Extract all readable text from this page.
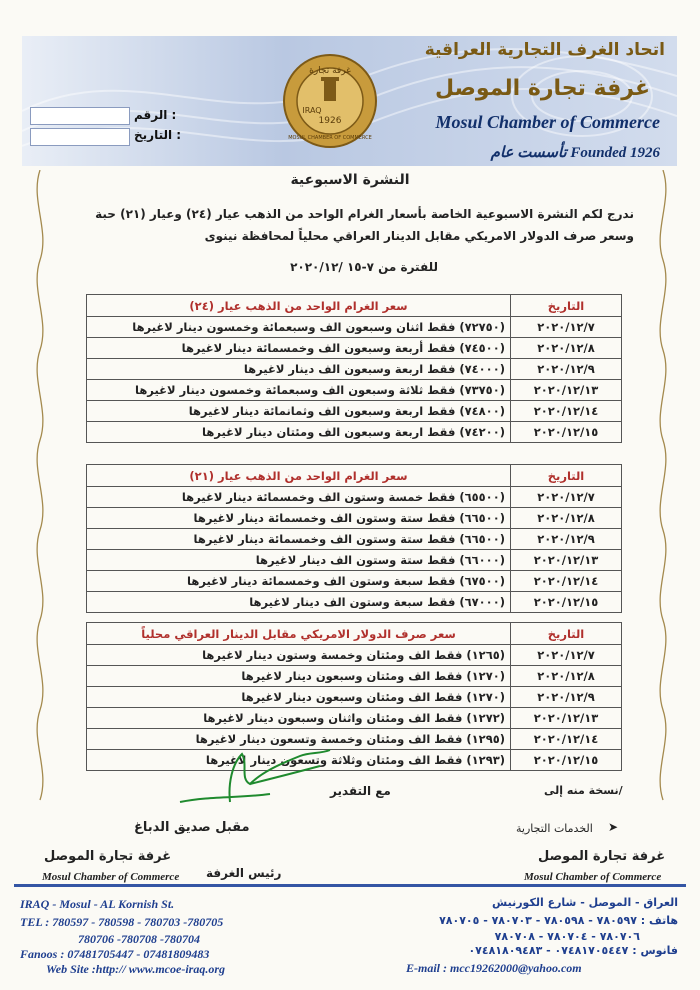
اتحاد الغرف التجارية العراقية
غرفة تجارة الموصل
Mosul Chamber of Commerce
تأسست عام Founded 1926
غرفة تجارة
IRAQ
1926
MOSUL CHAMBER OF COMMERCE
الرقم :
التاريخ :
النشرة الاسبوعية
ندرج لكم النشرة الاسبوعية الخاصة بأسعار الغرام الواحد من الذهب عيار (٢٤) وعيار (٢١) حبة
وسعر صرف الدولار الامريكي مقابل الدينار العراقي محلياً لمحافظة نينوى
للفترة من ٧-١٥ /٢٠٢٠/١٢
التاريخ	سعر الغرام الواحد من الذهب عيار (٢٤)
٢٠٢٠/١٢/٧	(٧٢٧٥٠) فقط اثنان وسبعون الف وسبعمائة وخمسون دينار لاغيرها
٢٠٢٠/١٢/٨	(٧٤٥٠٠) فقط أربعة وسبعون الف وخمسمائة دينار لاغيرها
٢٠٢٠/١٢/٩	(٧٤٠٠٠) فقط اربعة وسبعون الف دينار لاغيرها
٢٠٢٠/١٢/١٣	(٧٣٧٥٠) فقط ثلاثة وسبعون الف وسبعمائة وخمسون دينار لاغيرها
٢٠٢٠/١٢/١٤	(٧٤٨٠٠) فقط اربعة وسبعون الف وثمانمائة دينار لاغيرها
٢٠٢٠/١٢/١٥	(٧٤٢٠٠) فقط اربعة وسبعون الف ومئتان دينار لاغيرها
التاريخ	سعر الغرام الواحد من الذهب عيار (٢١)
٢٠٢٠/١٢/٧	(٦٥٥٠٠) فقط خمسة وستون الف وخمسمائة دينار لاغيرها
٢٠٢٠/١٢/٨	(٦٦٥٠٠) فقط ستة وستون الف وخمسمائة دينار لاغيرها
٢٠٢٠/١٢/٩	(٦٦٥٠٠) فقط ستة وستون الف وخمسمائة دينار لاغيرها
٢٠٢٠/١٢/١٣	(٦٦٠٠٠) فقط ستة وستون الف دينار لاغيرها
٢٠٢٠/١٢/١٤	(٦٧٥٠٠) فقط سبعة وستون الف وخمسمائة دينار لاغيرها
٢٠٢٠/١٢/١٥	(٦٧٠٠٠) فقط سبعة وستون الف دينار لاغيرها
التاريخ	سعر صرف الدولار الامريكي مقابل الدينار العراقي محلياً
٢٠٢٠/١٢/٧	(١٢٦٥) فقط الف ومئتان وخمسة وستون دينار لاغيرها
٢٠٢٠/١٢/٨	(١٢٧٠) فقط الف ومئتان وسبعون دينار لاغيرها
٢٠٢٠/١٢/٩	(١٢٧٠) فقط الف ومئتان وسبعون دينار لاغيرها
٢٠٢٠/١٢/١٣	(١٢٧٢) فقط الف ومئتان واثنان وسبعون دينار لاغيرها
٢٠٢٠/١٢/١٤	(١٢٩٥) فقط الف ومئتان وخمسة وتسعون دينار لاغيرها
٢٠٢٠/١٢/١٥	(١٢٩٣) فقط الف ومئتان وثلاثة وتسعون دينار لاغيرها
مع التقدير	نسخة منه إلى/
➤
الخدمات التجارية
مقبل صديق الدباغ
غرفة تجارة الموصل
Mosul Chamber of Commerce رئيس الغرفة
غرفة تجارة الموصل
Mosul Chamber of Commerce
IRAQ - Mosul - AL Kornish St.
TEL : 780597 - 780598 - 780703 -780705
780706 -780708 -780704
Fanoos : 07481705447 - 07481809483
Web Site :http:// www.mcoe-iraq.org
العراق - الموصل - شارع الكورنيش
هاتف : ٧٨٠٥٩٧ - ٧٨٠٥٩٨ - ٧٨٠٧٠٣ - ٧٨٠٧٠٥
٧٨٠٧٠٦ - ٧٨٠٧٠٤ - ٧٨٠٧٠٨
فانوس : ٠٧٤٨١٧٠٥٤٤٧ - ٠٧٤٨١٨٠٩٤٨٣
E-mail : mcc19262000@yahoo.com
